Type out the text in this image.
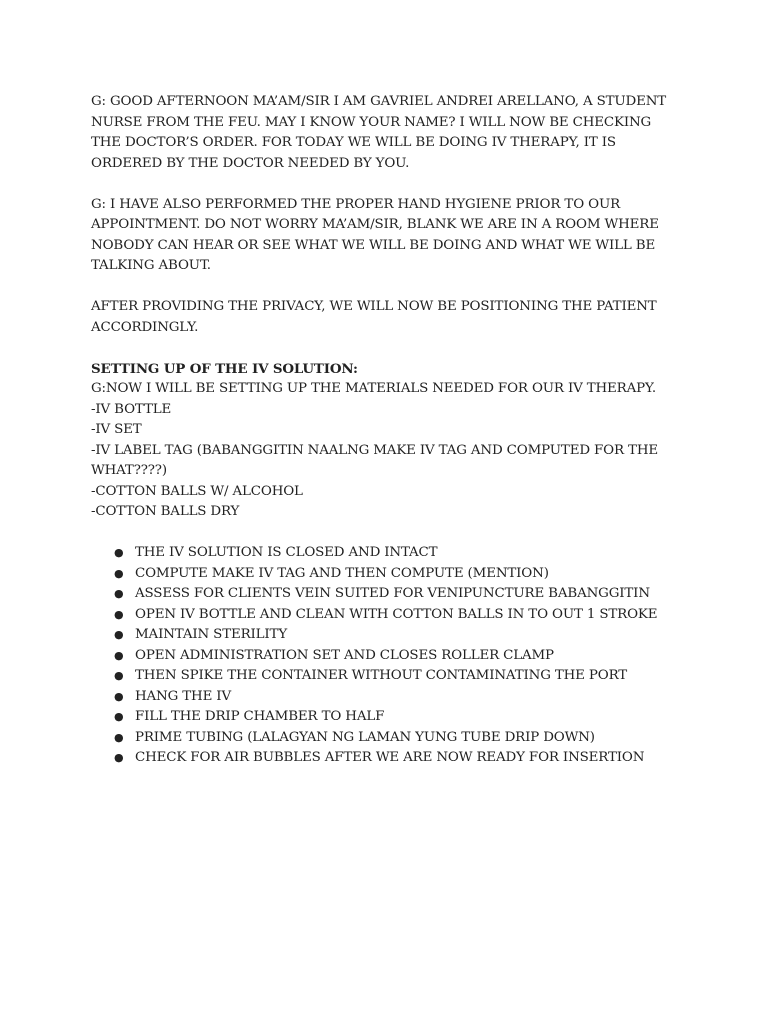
G: GOOD AFTERNOON MA’AM/SIR I AM GAVRIEL ANDREI ARELLANO, A STUDENT NURSE FROM THE FEU. MAY I KNOW YOUR NAME? I WILL NOW BE CHECKING THE DOCTOR’S ORDER. FOR TODAY WE WILL BE DOING IV THERAPY, IT IS ORDERED BY THE DOCTOR NEEDED BY YOU.

G: I HAVE ALSO PERFORMED THE PROPER HAND HYGIENE PRIOR TO OUR APPOINTMENT. DO NOT WORRY MA’AM/SIR, BLANK WE ARE IN A ROOM WHERE NOBODY CAN HEAR OR SEE WHAT WE WILL BE DOING AND WHAT WE WILL BE TALKING ABOUT.

AFTER PROVIDING THE PRIVACY, WE WILL NOW BE POSITIONING THE PATIENT ACCORDINGLY.

SETTING UP OF THE IV SOLUTION:

G:NOW I WILL BE SETTING UP THE MATERIALS NEEDED FOR OUR IV THERAPY.

-IV BOTTLE

-IV SET

-IV LABEL TAG (BABANGGITIN NAALNG MAKE IV TAG AND COMPUTED FOR THE WHAT????)

-COTTON BALLS W/ ALCOHOL

-COTTON BALLS DRY

● THE IV SOLUTION IS CLOSED AND INTACT
● COMPUTE MAKE IV TAG AND THEN COMPUTE (MENTION)
● ASSESS FOR CLIENTS VEIN SUITED FOR VENIPUNCTURE BABANGGITIN
● OPEN IV BOTTLE AND CLEAN WITH COTTON BALLS IN TO OUT 1 STROKE
● MAINTAIN STERILITY
● OPEN ADMINISTRATION SET AND CLOSES ROLLER CLAMP
● THEN SPIKE THE CONTAINER WITHOUT CONTAMINATING THE PORT
● HANG THE IV
● FILL THE DRIP CHAMBER TO HALF
● PRIME TUBING (LALAGYAN NG LAMAN YUNG TUBE DRIP DOWN)
● CHECK FOR AIR BUBBLES AFTER WE ARE NOW READY FOR INSERTION
